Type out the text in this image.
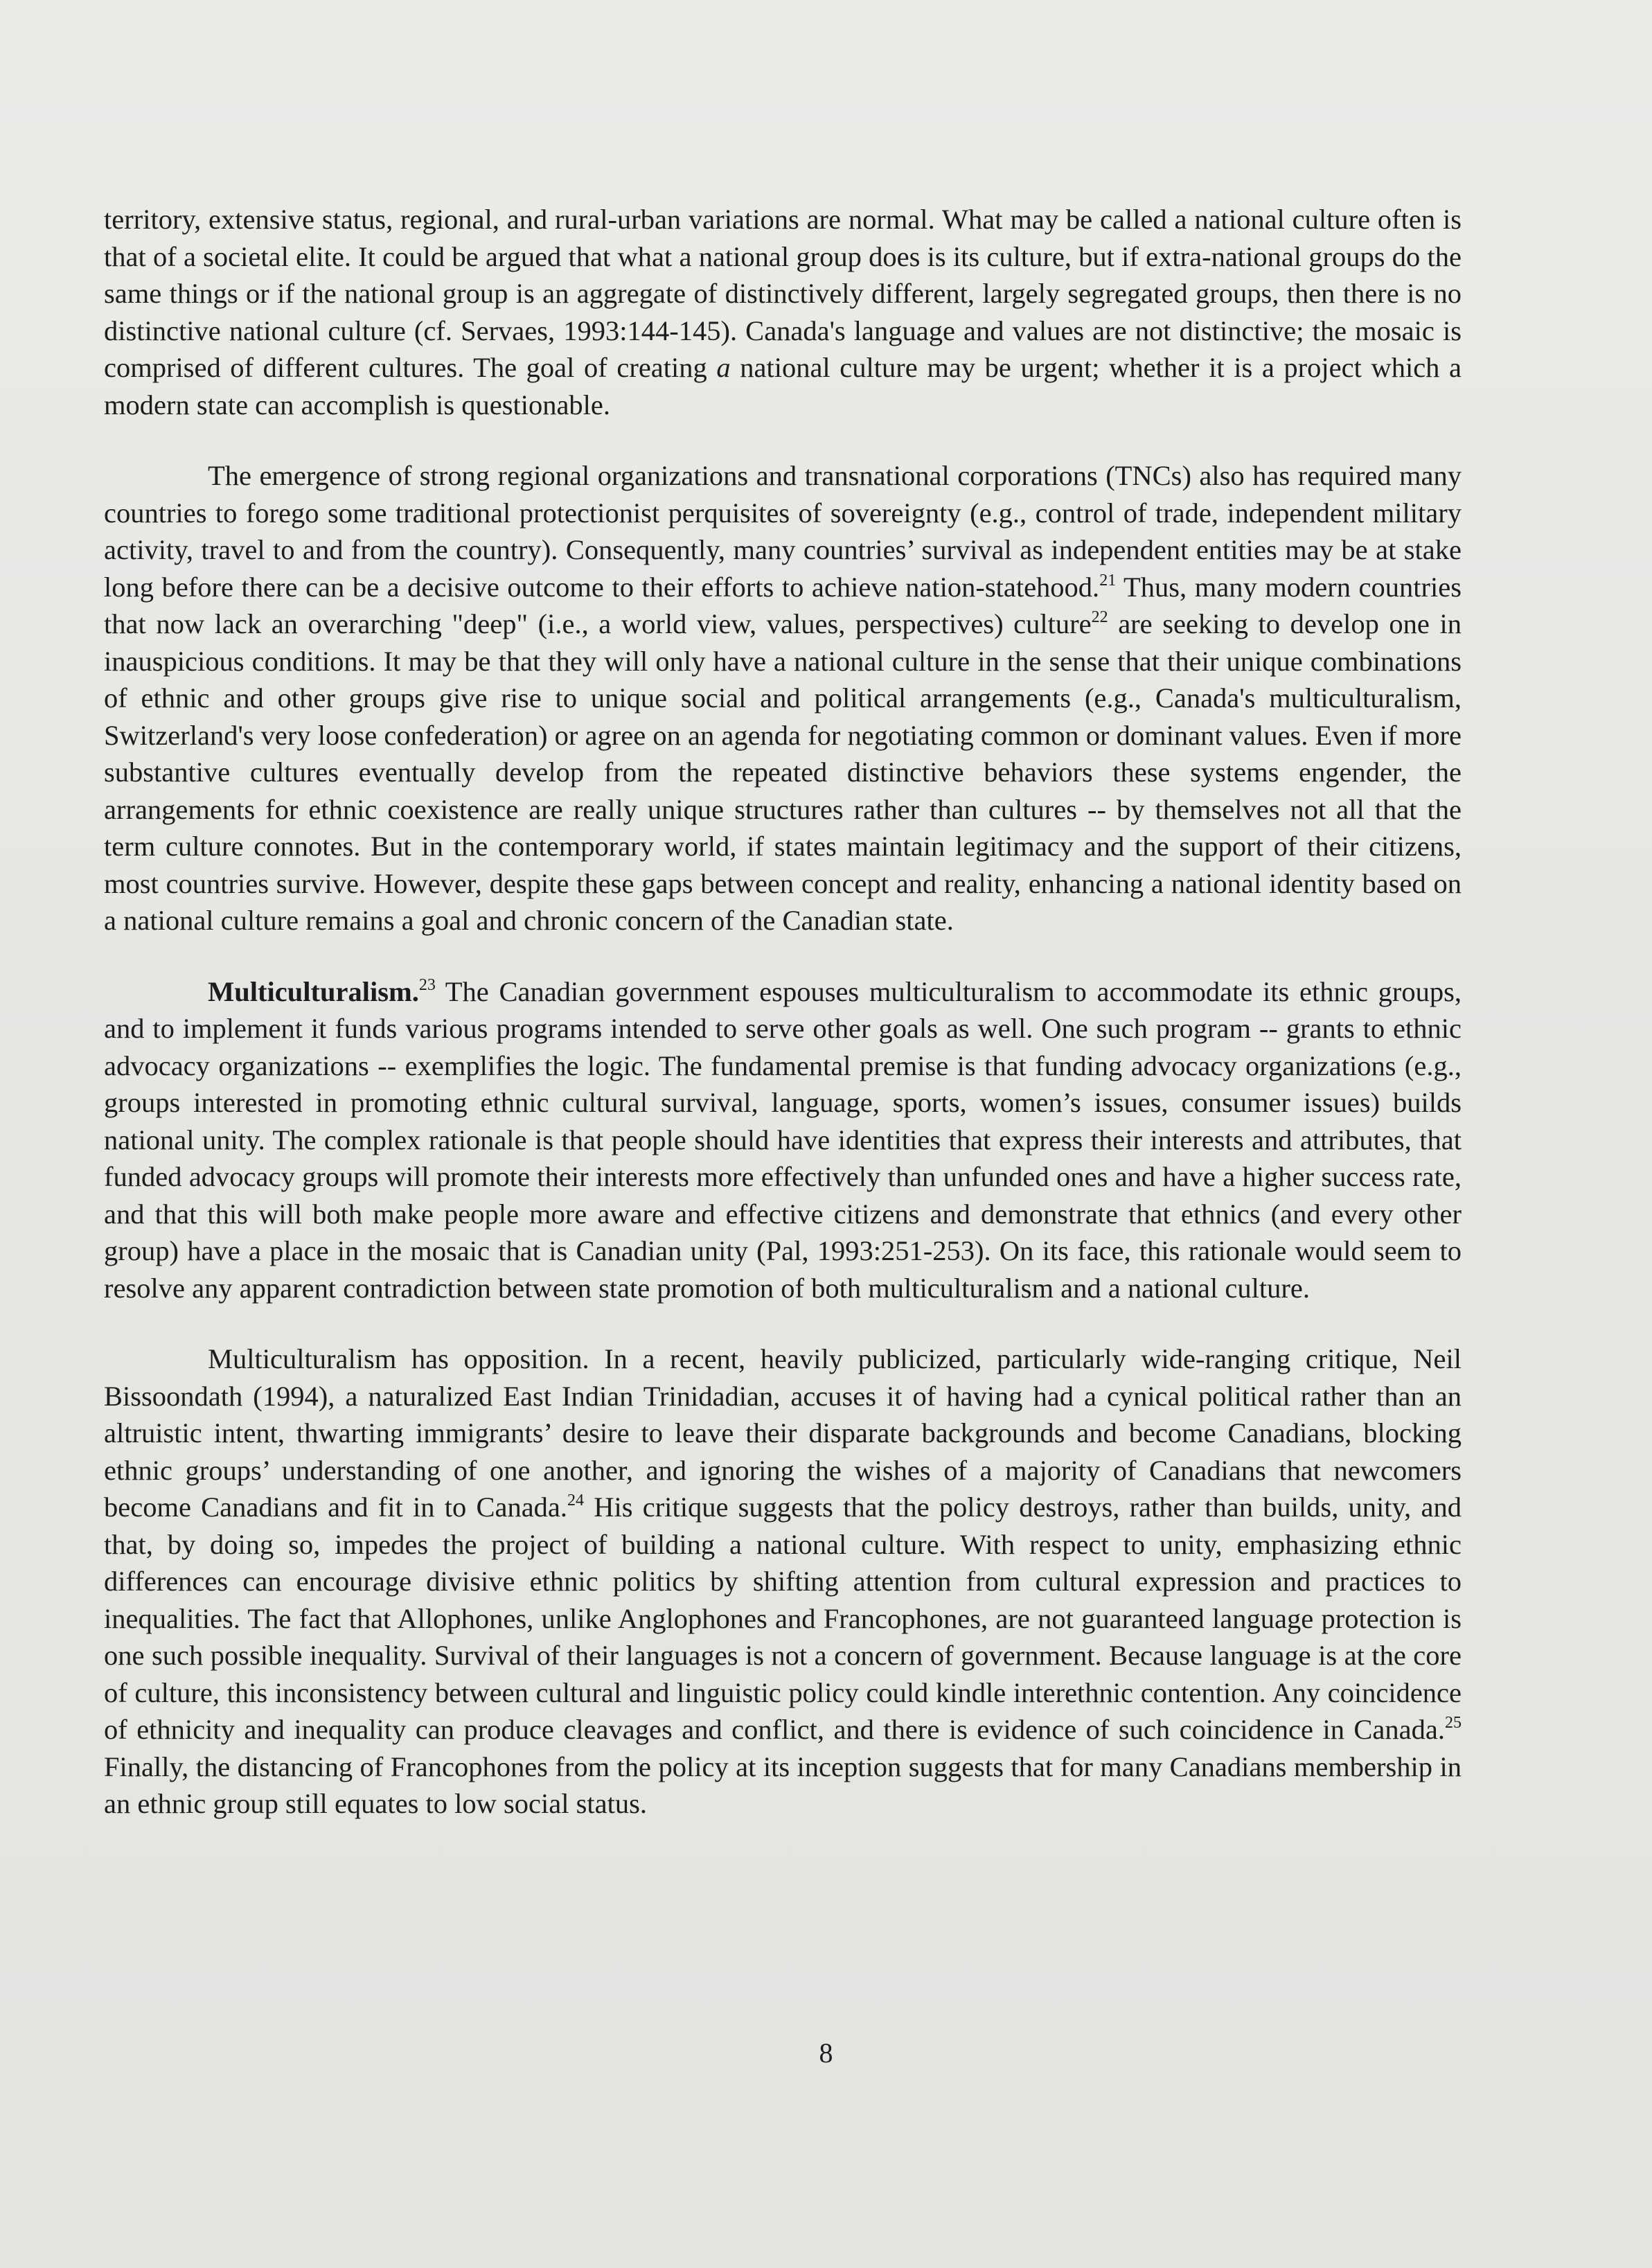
territory, extensive status, regional, and rural-urban variations are normal. What may be called a national culture often is that of a societal elite. It could be argued that what a national group does is its culture, but if extra-national groups do the same things or if the national group is an aggregate of distinctively different, largely segregated groups, then there is no distinctive national culture (cf. Servaes, 1993:144-145). Canada's language and values are not distinctive; the mosaic is comprised of different cultures. The goal of creating a national culture may be urgent; whether it is a project which a modern state can accomplish is questionable.

The emergence of strong regional organizations and transnational corporations (TNCs) also has required many countries to forego some traditional protectionist perquisites of sovereignty (e.g., control of trade, independent military activity, travel to and from the country). Consequently, many countries’ survival as independent entities may be at stake long before there can be a decisive outcome to their efforts to achieve nation-statehood.$^{21}$ Thus, many modern countries that now lack an overarching "deep" (i.e., a world view, values, perspectives) culture$^{22}$ are seeking to develop one in inauspicious conditions. It may be that they will only have a national culture in the sense that their unique combinations of ethnic and other groups give rise to unique social and political arrangements (e.g., Canada's multiculturalism, Switzerland's very loose confederation) or agree on an agenda for negotiating common or dominant values. Even if more substantive cultures eventually develop from the repeated distinctive behaviors these systems engender, the arrangements for ethnic coexistence are really unique structures rather than cultures -- by themselves not all that the term culture connotes. But in the contemporary world, if states maintain legitimacy and the support of their citizens, most countries survive. However, despite these gaps between concept and reality, enhancing a national identity based on a national culture remains a goal and chronic concern of the Canadian state.

Multiculturalism.$^{23}$ The Canadian government espouses multiculturalism to accommodate its ethnic groups, and to implement it funds various programs intended to serve other goals as well. One such program -- grants to ethnic advocacy organizations -- exemplifies the logic. The fundamental premise is that funding advocacy organizations (e.g., groups interested in promoting ethnic cultural survival, language, sports, women’s issues, consumer issues) builds national unity. The complex rationale is that people should have identities that express their interests and attributes, that funded advocacy groups will promote their interests more effectively than unfunded ones and have a higher success rate, and that this will both make people more aware and effective citizens and demonstrate that ethnics (and every other group) have a place in the mosaic that is Canadian unity (Pal, 1993:251-253). On its face, this rationale would seem to resolve any apparent contradiction between state promotion of both multiculturalism and a national culture.

Multiculturalism has opposition. In a recent, heavily publicized, particularly wide-ranging critique, Neil Bissoondath (1994), a naturalized East Indian Trinidadian, accuses it of having had a cynical political rather than an altruistic intent, thwarting immigrants’ desire to leave their disparate backgrounds and become Canadians, blocking ethnic groups’ understanding of one another, and ignoring the wishes of a majority of Canadians that newcomers become Canadians and fit in to Canada.$^{24}$ His critique suggests that the policy destroys, rather than builds, unity, and that, by doing so, impedes the project of building a national culture. With respect to unity, emphasizing ethnic differences can encourage divisive ethnic politics by shifting attention from cultural expression and practices to inequalities. The fact that Allophones, unlike Anglophones and Francophones, are not guaranteed language protection is one such possible inequality. Survival of their languages is not a concern of government. Because language is at the core of culture, this inconsistency between cultural and linguistic policy could kindle interethnic contention. Any coincidence of ethnicity and inequality can produce cleavages and conflict, and there is evidence of such coincidence in Canada.$^{25}$ Finally, the distancing of Francophones from the policy at its inception suggests that for many Canadians membership in an ethnic group still equates to low social status.

8
